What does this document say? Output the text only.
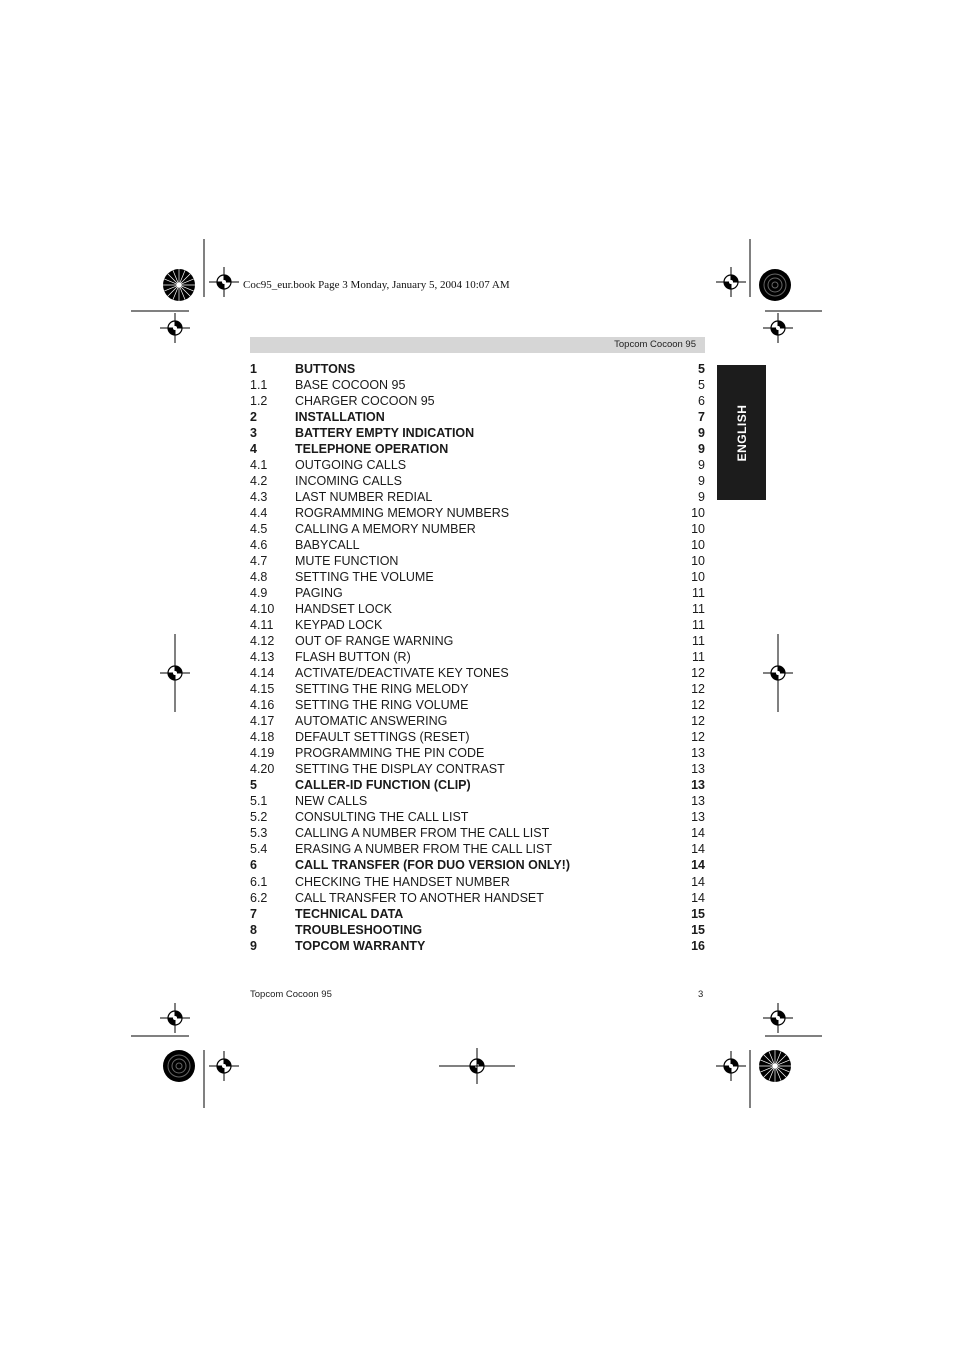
Coc95_eur.book Page 3 Monday, January 5, 2004 10:07 AM
Topcom Cocoon 95
ENGLISH
1	BUTTONS	5
1.1 BASE COCOON 95	5
1.2 CHARGER COCOON 95	6
2	INSTALLATION	7
3	BATTERY EMPTY INDICATION	9
4	TELEPHONE OPERATION	9
4.1 OUTGOING CALLS	9
4.2 INCOMING CALLS	9
4.3 LAST NUMBER REDIAL	9
4.4 ROGRAMMING MEMORY NUMBERS	10
4.5 CALLING A MEMORY NUMBER	10
4.6 BABYCALL	10
4.7 MUTE FUNCTION	10
4.8 SETTING THE VOLUME	10
4.9 PAGING	11
4.10 HANDSET LOCK	11
4.11 KEYPAD LOCK	11
4.12 OUT OF RANGE WARNING	11
4.13 FLASH BUTTON (R)	11
4.14 ACTIVATE/DEACTIVATE KEY TONES	12
4.15 SETTING THE RING MELODY	12
4.16 SETTING THE RING VOLUME	12
4.17 AUTOMATIC ANSWERING	12
4.18 DEFAULT SETTINGS (RESET)	12
4.19 PROGRAMMING THE PIN CODE	13
4.20 SETTING THE DISPLAY CONTRAST	13
5	CALLER-ID FUNCTION (CLIP)	13
5.1 NEW CALLS	13
5.2 CONSULTING THE CALL LIST	13
5.3 CALLING A NUMBER FROM THE CALL LIST	14
5.4 ERASING A NUMBER FROM THE CALL LIST	14
6	CALL TRANSFER (FOR DUO VERSION ONLY!)	14
6.1 CHECKING THE HANDSET NUMBER	14
6.2 CALL TRANSFER TO ANOTHER HANDSET	14
7	TECHNICAL DATA	15
8	TROUBLESHOOTING	15
9	TOPCOM WARRANTY	16
Topcom Cocoon 95	3
